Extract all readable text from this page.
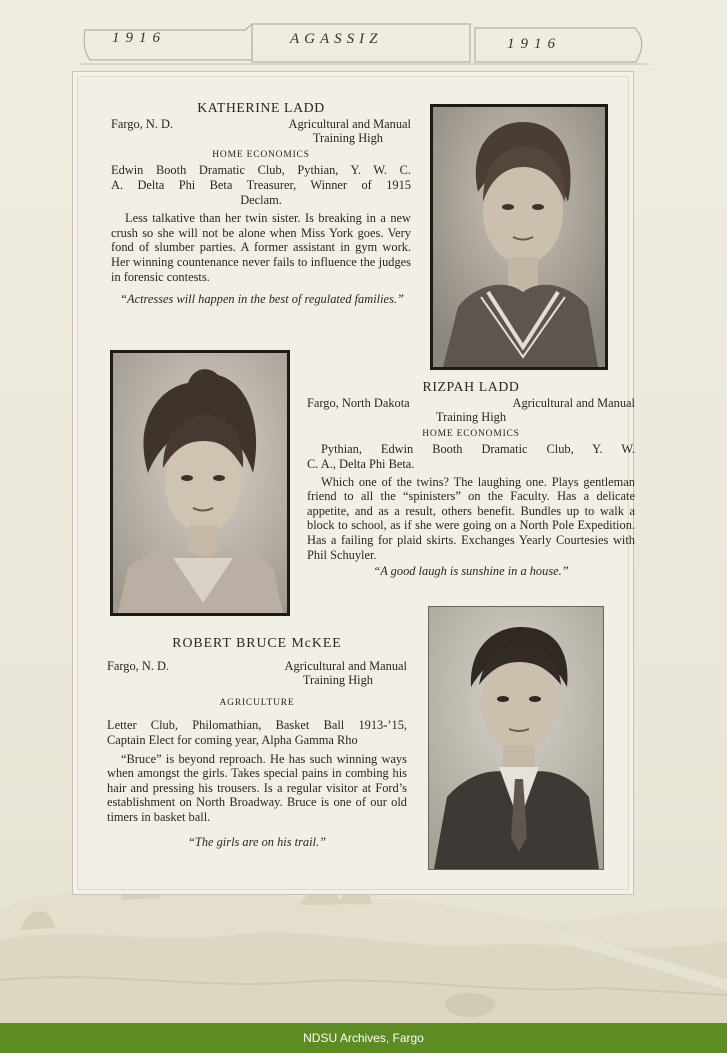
1916	AGASSIZ	1916
KATHERINE LADD
Fargo, N. D.	Agricultural and Manual
Training High
HOME ECONOMICS
Edwin Booth Dramatic Club, Pythian, Y. W. C.
A. Delta Phi Beta Treasurer, Winner of 1915
Declam.
Less talkative than her twin sister. Is breaking in a new crush so she will not be alone when Miss York goes. Very fond of slumber parties. A former assistant in gym work. Her winning countenance never fails to influence the judges in forensic contests.
“Actresses will happen in the best of regulated families.”
RIZPAH LADD
Fargo, North Dakota	Agricultural and Manual
Training High
HOME ECONOMICS
Pythian, Edwin Booth Dramatic Club, Y. W.
C. A., Delta Phi Beta.
Which one of the twins? The laughing one. Plays gentleman friend to all the “spinisters” on the Faculty. Has a delicate appetite, and as a result, others benefit. Bundles up to walk a block to school, as if she were going on a North Pole Expedition. Has a failing for plaid skirts. Exchanges Yearly Courtesies with Phil Schuyler.
“A good laugh is sunshine in a house.”
ROBERT BRUCE McKEE
Fargo, N. D.	Agricultural and Manual
Training High
AGRICULTURE
Letter Club, Philomathian, Basket Ball 1913-’15,
Captain Elect for coming year, Alpha Gamma Rho
“Bruce” is beyond reproach. He has such winning ways when amongst the girls. Takes special pains in combing his hair and pressing his trousers. Is a regular visitor at Ford’s establishment on North Broadway. Bruce is one of our old timers in basket ball.
“The girls are on his trail.”
NDSU Archives, Fargo
